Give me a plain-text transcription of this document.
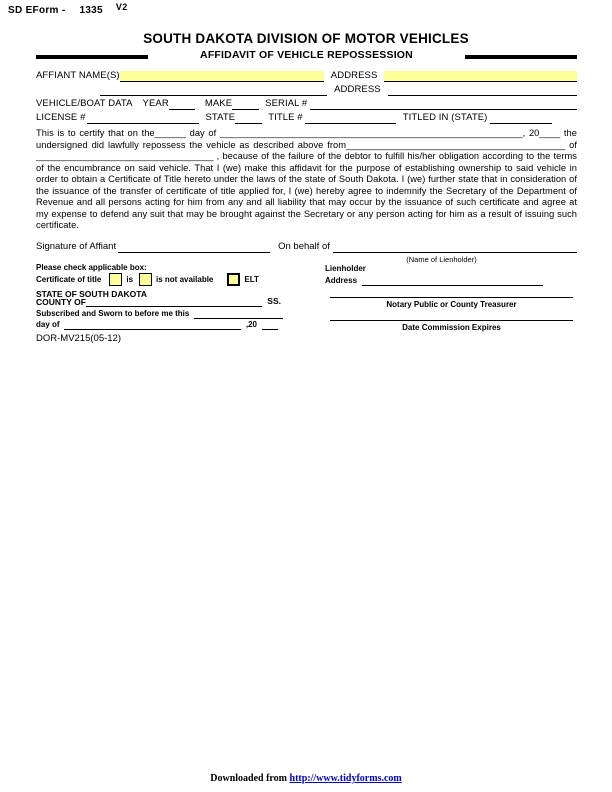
SD EForm - 1335 V2
SOUTH DAKOTA DIVISION OF MOTOR VEHICLES
AFFIDAVIT OF VEHICLE REPOSSESSION
AFFIANT NAME(S)	ADDRESS
ADDRESS
VEHICLE/BOAT DATA YEAR	MAKE	SERIAL #
LICENSE #	STATE	TITLE #	TITLED IN (STATE)
This is to certify that on the______ day of __________________________________________________________, 20____ the undersigned did lawfully repossess the vehicle as described above from__________________________________________ of __________________________________ , because of the failure of the debtor to fulfill his/her obligation according to the terms of the encumbrance on said vehicle. That I (we) make this affidavit for the purpose of establishing ownership to said vehicle in order to obtain a Certificate of Title hereto under the laws of the state of South Dakota. I (we) further state that in consideration of the issuance of the transfer of certificate of title applied for, I (we) hereby agree to indemnify the Secretary of the Department of Revenue and all persons acting for him from any and all liability that may occur by the issuance of such certificate and agree at my expense to defend any suit that may be brought against the Secretary or any person acting for him as a result of issuing such certificate.
Signature of Affiant	On behalf of
(Name of Lienholder)
Please check applicable box:
Certificate of title	is	is not available	ELT
Lienholder
Address
STATE OF SOUTH DAKOTA
COUNTY OF	SS.
Subscribed and Sworn to before me this
day of	,20
DOR-MV215(05-12)
Notary Public or County Treasurer
Date Commission Expires
Downloaded from http://www.tidyforms.com
